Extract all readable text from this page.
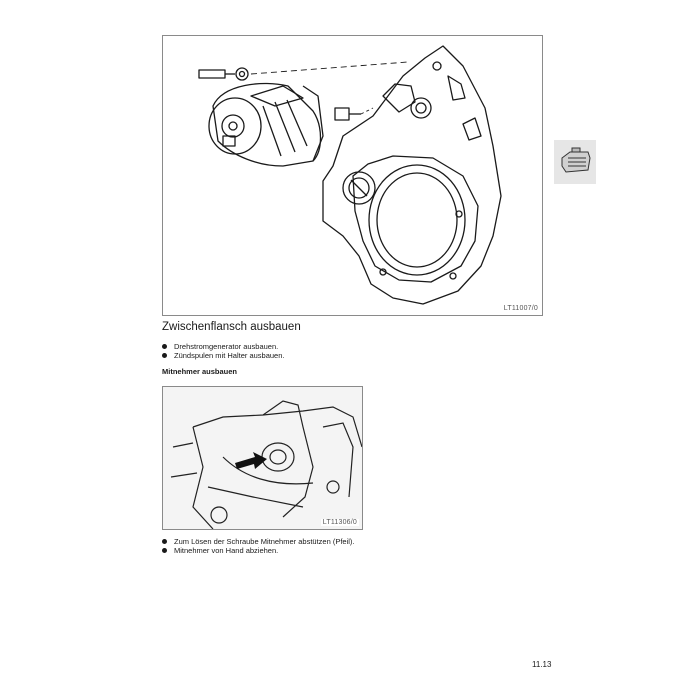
LT11007/0
Zwischenflansch ausbauen
Drehstromgenerator ausbauen.
Zündspulen mit Halter ausbauen.
Mitnehmer ausbauen
LT11306/0
Zum Lösen der Schraube Mitnehmer abstützen (Pfeil).
Mitnehmer von Hand abziehen.
11.13
